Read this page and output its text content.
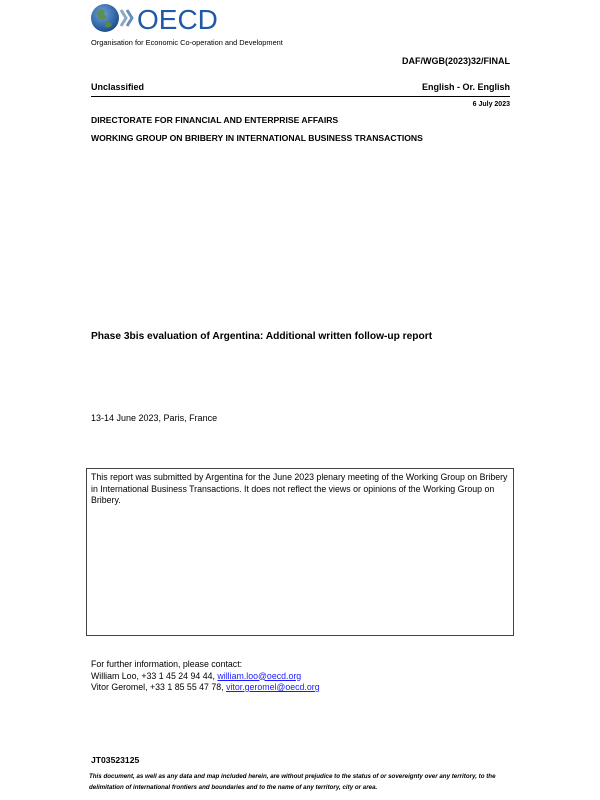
OECD
Organisation for Economic Co-operation and Development
DAF/WGB(2023)32/FINAL
Unclassified	English - Or. English
6 July 2023
DIRECTORATE FOR FINANCIAL AND ENTERPRISE AFFAIRS
WORKING GROUP ON BRIBERY IN INTERNATIONAL BUSINESS TRANSACTIONS
Phase 3bis evaluation of Argentina: Additional written follow-up report
13-14 June 2023, Paris, France
This report was submitted by Argentina for the June 2023 plenary meeting of the Working Group on Bribery in International Business Transactions. It does not reflect the views or opinions of the Working Group on Bribery.
For further information, please contact:
William Loo, +33 1 45 24 94 44, william.loo@oecd.org
Vitor Geromel, +33 1 85 55 47 78, vitor.geromel@oecd.org
JT03523125
This document, as well as any data and map included herein, are without prejudice to the status of or sovereignty over any territory, to the delimitation of international frontiers and boundaries and to the name of any territory, city or area.
